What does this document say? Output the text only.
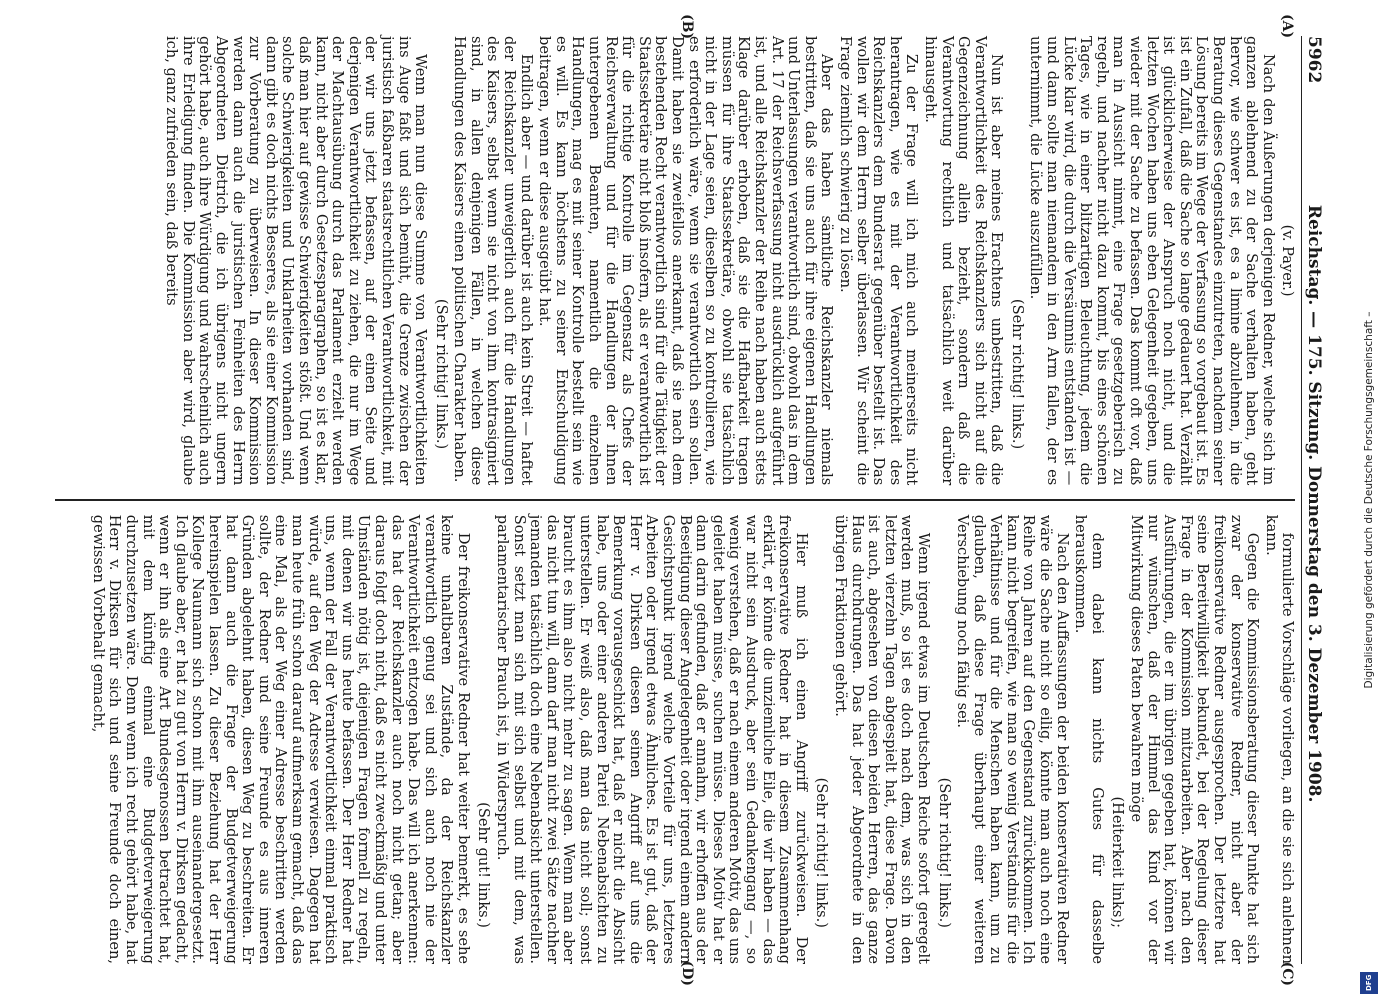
5962
Reichstag. — 175. Sitzung. Donnerstag den 3. Dezember 1908.
(A)
(B)

(v. Payer.)

Nach den Äußerungen derjenigen Redner, welche sich im ganzen ablehnend zu der Sache verhalten haben, geht hervor, wie schwer es ist, es a limine abzulehnen, in die Beratung dieses Gegenstandes einzutreten, nachdem seiner Lösung bereits im Wege der Verfassung so vorgebaut ist. Es ist ein Zufall, daß die Sache so lange gedauert hat. Verzählt ist glücklicherweise der Anspruch noch nicht, und die letzten Wochen haben uns eben Gelegenheit gegeben, uns wieder mit der Sache zu befassen. Das kommt oft vor, daß man in Aussicht nimmt, eine Frage gesetzgeberisch zu regeln, und nachher nicht dazu kommt, bis eines schönen Tages, wie in einer blitzartigen Beleuchtung, jedem die Lücke klar wird, die durch die Versäumnis entstanden ist — und dann sollte man niemandem in den Arm fallen, der es unternimmt, die Lücke auszufüllen.

(Sehr richtig! links.)

Nun ist aber meines Erachtens unbestritten, daß die Verantwortlichkeit des Reichskanzlers sich nicht auf die Gegenzeichnung allein bezieht, sondern daß die Verantwortung rechtlich und tatsächlich weit darüber hinausgeht.

Zu der Frage will ich mich auch meinerseits nicht herantragen, wie es mit der Verantwortlichkeit des Reichskanzlers dem Bundesrat gegenüber bestellt ist. Das wollen wir dem Herrn selber überlassen. Wir scheint die Frage ziemlich schwierig zu lösen.

Aber das haben sämtliche Reichskanzler niemals bestritten, daß sie uns auch für ihre eigenen Handlungen und Unterlassungen verantwortlich sind, obwohl das in dem Art. 17 der Reichsverfassung nicht ausdrücklich aufgeführt ist, und alle Reichskanzler der Reihe nach haben auch stets Klage darüber erhoben, daß sie die Haftbarkeit tragen müssen für ihre Staatssekretäre, obwohl sie tatsächlich nicht in der Lage seien, dieselben so zu kontrollieren, wie es erforderlich wäre, wenn sie verantwortlich sein sollen. Damit haben sie zweifellos anerkannt, daß sie nach dem bestehenden Recht verantwortlich sind für die Tätigkeit der Staatssekretäre nicht bloß insofern, als er verantwortlich ist für die richtige Kontrolle im Gegensatz als Chefs der Reichsverwaltung und für die Handlungen der ihnen untergebenen Beamten, namentlich die einzelnen Handlungen, mag es mit seiner Kontrolle bestellt sein wie es will. Es kann höchstens zu seiner Entschuldigung beitragen, wenn er diese ausgeübt hat.

Endlich aber — und darüber ist auch kein Streit — haftet der Reichskanzler unweigerlich auch für die Handlungen des Kaisers, selbst wenn sie nicht von ihm kontrasigniert sind, in allen denjenigen Fällen, in welchen diese Handlungen des Kaisers einen politischen Charakter haben.

(Sehr richtig! links.)

Wenn man nun diese Summe von Verantwortlichkeiten ins Auge faßt und sich bemüht, die Grenze zwischen der juristisch faßbaren staatsrechtlichen Verantwortlichkeit, mit der wir uns jetzt befassen, auf der einen Seite und derjenigen Verantwortlichkeit zu ziehen, die nur im Wege der Machtausübung durch das Parlament erzielt werden kann, nicht aber durch Gesetzesparagraphen, so ist es klar, daß man hier auf gewisse Schwierigkeiten stößt. Und wenn solche Schwierigkeiten und Unklarheiten vorhanden sind, dann gibt es doch nichts Besseres, als sie einer Kommission zur Vorberatung zu überweisen. In dieser Kommission werden dann auch die juristischen Feinheiten des Herrn Abgeordneten Dietrich, die ich übrigens nicht ungern gehört habe, auch ihre Würdigung und wahrscheinlich auch ihre Erledigung finden. Die Kommission aber wird, glaube ich, ganz zufrieden sein, daß bereits

(C)
(D)

formulierte Vorschläge vorliegen, an die sie sich anlehnen kann.

Gegen die Kommissionsberatung dieser Punkte hat sich zwar der konservative Redner, nicht aber der freikonservative Redner ausgesprochen. Der letztere hat seine Bereitwilligkeit bekundet, bei der Regelung dieser Frage in der Kommission mitzuarbeiten. Aber nach den Ausführungen, die er im übrigen gegeben hat, können wir nur wünschen, daß der Himmel das Kind vor der Mitwirkung dieses Paten bewahren möge

(Heiterkeit links);

denn dabei kann nichts Gutes für dasselbe herauskommen.

Nach den Auffassungen der beiden konservativen Redner wäre die Sache nicht so eilig, könnte man auch noch eine Reihe von Jahren auf den Gegenstand zurückkommen. Ich kann nicht begreifen, wie man so wenig Verständnis für die Verhältnisse und für die Menschen haben kann, um zu glauben, daß diese Frage überhaupt einer weiteren Verschiebung noch fähig sei.

(Sehr richtig! links.)

Wenn irgend etwas im Deutschen Reiche sofort geregelt werden muß, so ist es doch nach dem, was sich in den letzten vierzehn Tagen abgespielt hat, diese Frage. Davon ist auch, abgesehen von diesen beiden Herren, das ganze Haus durchdrungen. Das hat jeder Abgeordnete in den übrigen Fraktionen gehört.

(Sehr richtig! links.)

Hier muß ich einen Angriff zurückweisen. Der freikonservative Redner hat in diesem Zusammenhang erklärt, er könne die unziemliche Eile, die wir haben — das war nicht sein Ausdruck, aber sein Gedankengang —, so wenig verstehen, daß er nach einem anderen Motiv, das uns geleitet haben müsse, suchen müsse. Dieses Motiv hat er dann darin gefunden, daß er annahm, wir erhoffen aus der Beseitigung dieser Angelegenheit oder irgend einem andern Gesichtspunkt irgend welche Vorteile für uns, letzteres Arbeiten oder irgend etwas Ähnliches. Es ist gut, daß der Herr v. Dirksen diesen seinen Angriff auf uns die Bemerkung vorausgeschickt hat, daß er nicht die Absicht habe, uns oder einer anderen Partei Nebenabsichten zu unterstellen. Er weiß also, daß man das nicht soll; sonst braucht es ihm also nicht mehr zu sagen. Wenn man aber das nicht tun will, dann darf man nicht zwei Sätze nachher jemanden tatsächlich doch eine Nebenabsicht unterstellen. Sonst setzt man sich mit sich selbst und mit dem, was parlamentarischer Brauch ist, in Widerspruch.

(Sehr gut! links.)

Der freikonservative Redner hat weiter bemerkt, es sehe keine unhaltbaren Zustände, da der Reichskanzler verantwortlich genug sei und sich auch noch nie der Verantwortlichkeit entzogen habe. Das will ich anerkennen: das hat der Reichskanzler auch noch nicht getan; aber daraus folgt doch nicht, daß es nicht zweckmäßig und unter Umständen nötig ist, diejenigen Fragen formell zu regeln, mit denen wir uns heute befassen. Der Herr Redner hat uns, wenn der Fall der Verantwortlichkeit einmal praktisch würde, auf den Weg der Adresse verwiesen. Dagegen hat man heute früh schon darauf aufmerksam gemacht, daß das eine Mal, als der Weg einer Adresse beschritten werden sollte, der Redner und seine Freunde es aus inneren Gründen abgelehnt haben, diesen Weg zu beschreiten. Er hat dann auch die Frage der Budgetverweigerung hereinspielen lassen. Zu dieser Beziehung hat der Herr Kollege Naumann sich schon mit ihm auseinandergesetzt. Ich glaube aber, er hat zu gut von Herrn v. Dirksen gedacht, wenn er ihn als eine Art Bundesgenossen betrachtet hat, mit dem künftig einmal eine Budgetverweigerung durchzusetzen wäre. Denn wenn ich recht gehört habe, hat Herr v. Dirksen für sich und seine Freunde doch einen, gewissen Vorbehalt gemacht,	Digitalisierung gefördert durch die Deutsche Forschungsgemeinschaft –
DFG
